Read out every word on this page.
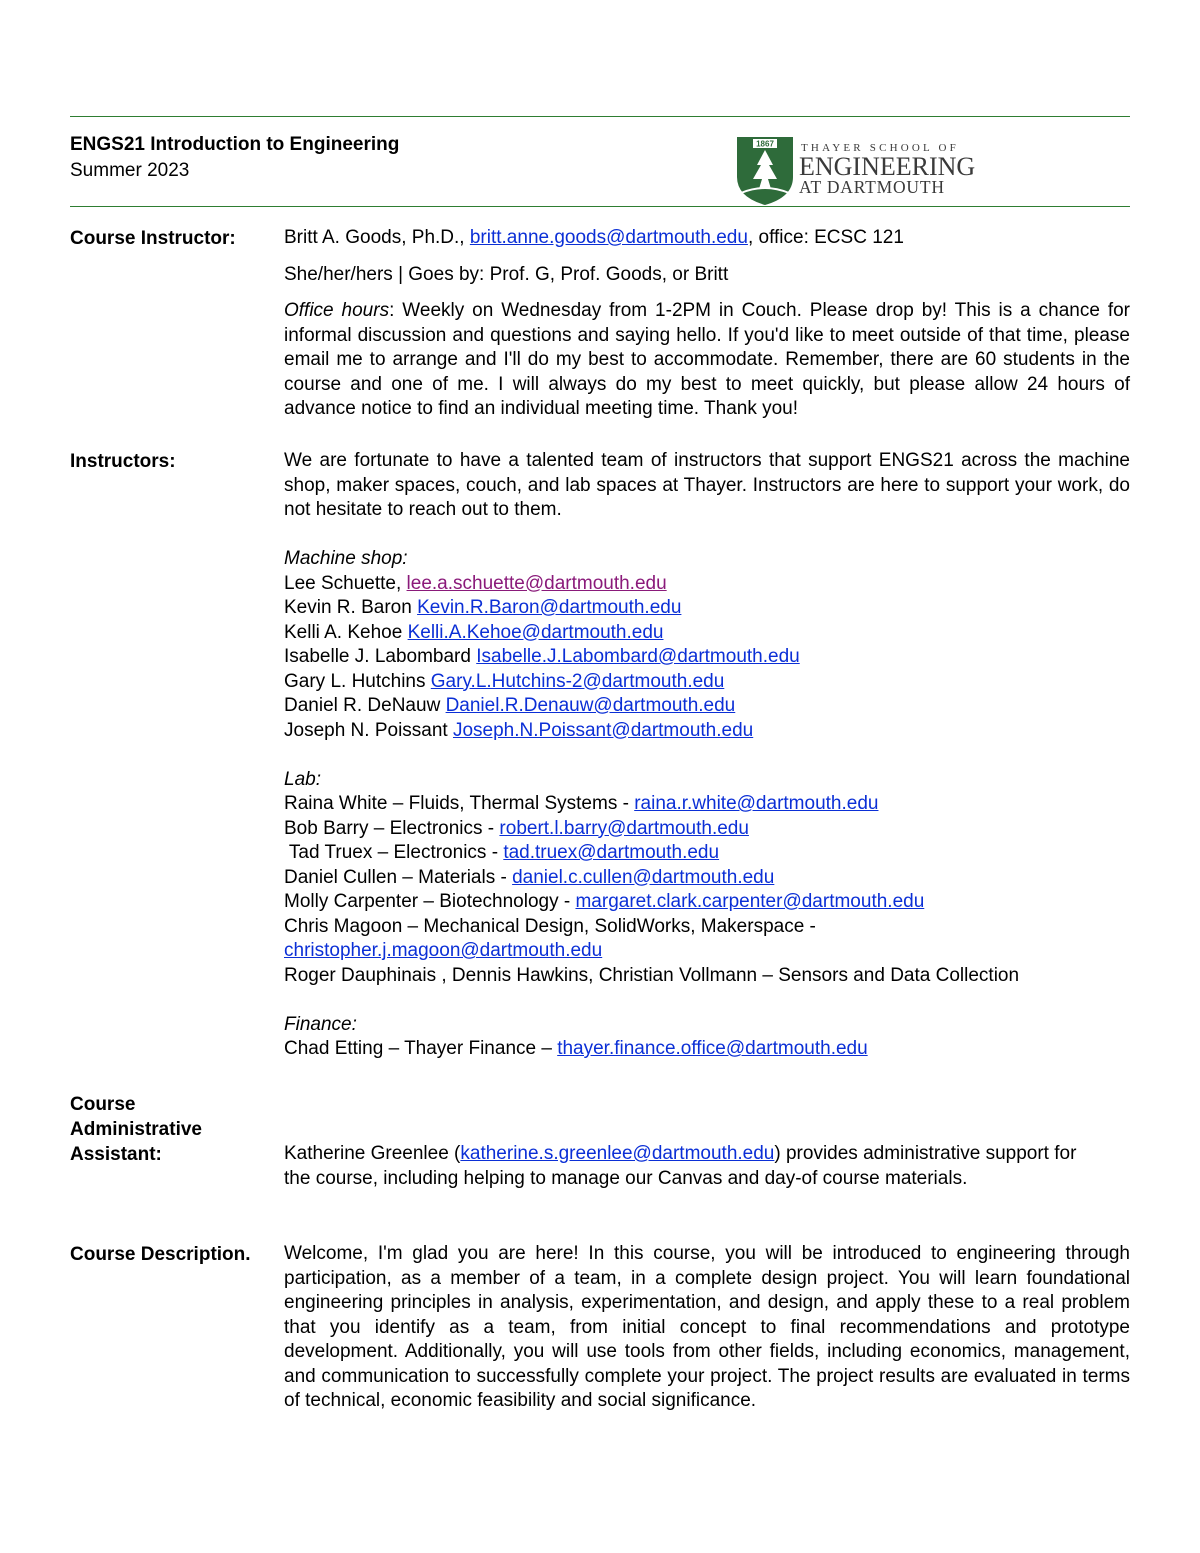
ENGS21 Introduction to Engineering
Summer 2023
1867 THAYER SCHOOL OF
ENGINEERING
AT DARTMOUTH
Course Instructor:	Britt A. Goods, Ph.D., britt.anne.goods@dartmouth.edu, office: ECSC 121

She/her/hers | Goes by: Prof. G, Prof. Goods, or Britt

Office hours: Weekly on Wednesday from 1-2PM in Couch. Please drop by! This is a chance for informal discussion and questions and saying hello. If you'd like to meet outside of that time, please email me to arrange and I'll do my best to accommodate. Remember, there are 60 students in the course and one of me. I will always do my best to meet quickly, but please allow 24 hours of advance notice to find an individual meeting time. Thank you!

Instructors:	We are fortunate to have a talented team of instructors that support ENGS21 across the machine shop, maker spaces, couch, and lab spaces at Thayer. Instructors are here to support your work, do not hesitate to reach out to them.

Machine shop:

Lee Schuette, lee.a.schuette@dartmouth.edu
Kevin R. Baron Kevin.R.Baron@dartmouth.edu
Kelli A. Kehoe Kelli.A.Kehoe@dartmouth.edu
Isabelle J. Labombard Isabelle.J.Labombard@dartmouth.edu
Gary L. Hutchins Gary.L.Hutchins-2@dartmouth.edu
Daniel R. DeNauw Daniel.R.Denauw@dartmouth.edu
Joseph N. Poissant Joseph.N.Poissant@dartmouth.edu

Lab:

Raina White – Fluids, Thermal Systems - raina.r.white@dartmouth.edu
Bob Barry – Electronics - robert.l.barry@dartmouth.edu
Tad Truex – Electronics - tad.truex@dartmouth.edu
Daniel Cullen – Materials - daniel.c.cullen@dartmouth.edu
Molly Carpenter – Biotechnology - margaret.clark.carpenter@dartmouth.edu
Chris Magoon – Mechanical Design, SolidWorks, Makerspace -
christopher.j.magoon@dartmouth.edu
Roger Dauphinais , Dennis Hawkins, Christian Vollmann – Sensors and Data Collection

Finance:

Chad Etting – Thayer Finance – thayer.finance.office@dartmouth.edu

Course
Administrative
Assistant:	Katherine Greenlee (katherine.s.greenlee@dartmouth.edu) provides administrative support for the course, including helping to manage our Canvas and day-of course materials.

Course Description. Welcome, I'm glad you are here! In this course, you will be introduced to engineering through participation, as a member of a team, in a complete design project. You will learn foundational engineering principles in analysis, experimentation, and design, and apply these to a real problem that you identify as a team, from initial concept to final recommendations and prototype development. Additionally, you will use tools from other fields, including economics, management, and communication to successfully complete your project. The project results are evaluated in terms of technical, economic feasibility and social significance.
